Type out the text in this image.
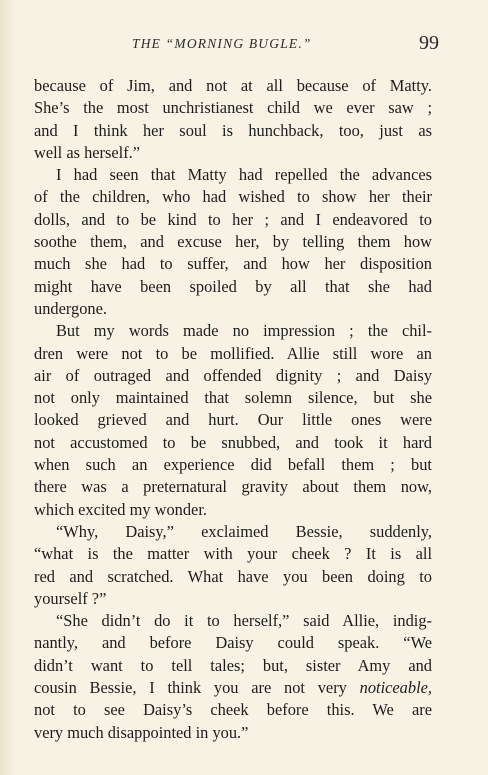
THE “MORNING BUGLE.”	99
because of Jim, and not at all because of Matty.
She’s the most unchristianest child we ever saw ;
and I think her soul is hunchback, too, just as
well as herself.”
I had seen that Matty had repelled the advances
of the children, who had wished to show her their
dolls, and to be kind to her ; and I endeavored to
soothe them, and excuse her, by telling them how
much she had to suffer, and how her disposition
might have been spoiled by all that she had
undergone.
But my words made no impression ; the chil-
dren were not to be mollified. Allie still wore an
air of outraged and offended dignity ; and Daisy
not only maintained that solemn silence, but she
looked grieved and hurt. Our little ones were
not accustomed to be snubbed, and took it hard
when such an experience did befall them ; but
there was a preternatural gravity about them now,
which excited my wonder.
“Why, Daisy,” exclaimed Bessie, suddenly,
“what is the matter with your cheek ? It is all
red and scratched. What have you been doing to
yourself ?”
“She didn’t do it to herself,” said Allie, indig-
nantly, and before Daisy could speak. “We
didn’t want to tell tales; but, sister Amy and
cousin Bessie, I think you are not very noticeable,
not to see Daisy’s cheek before this. We are
very much disappointed in you.”
